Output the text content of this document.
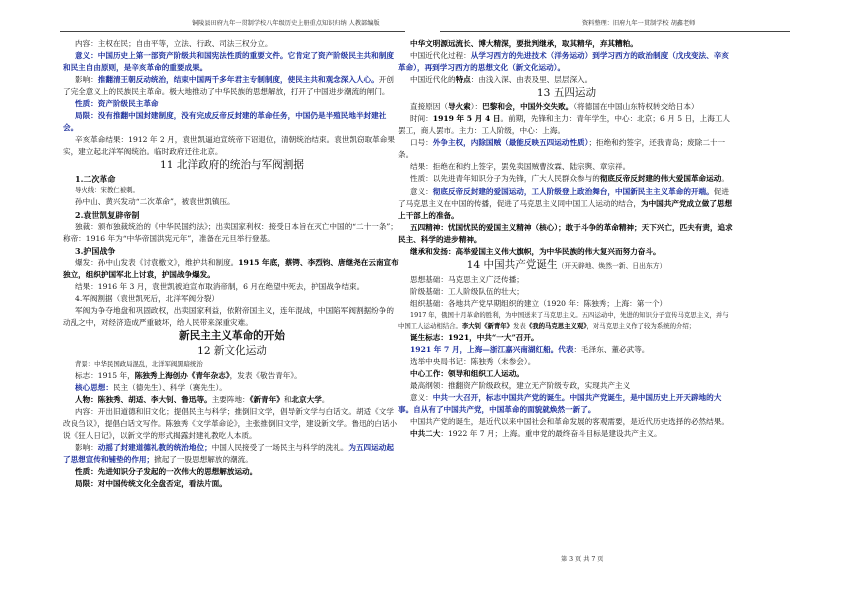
铜陵县田府九年一贯制学校八年级历史上册重点知识归纳 人教部编版	资料整理：旧府九年一贯制学校 胡鑫老师

内容：主权在民；自由平等，立法、行政、司法三权分立。

意义：中国历史上第一部资产阶级共和国宪法性质的重要文件。它肯定了资产阶级民主共和制度和民主自由原则，是辛亥革命的重要成果。

影响：推翻清王朝反动统治，结束中国两千多年君主专制制度，使民主共和观念深入人心。开创了完全意义上的民族民主革命。极大地推动了中华民族的思想解放，打开了中国进步潮流的闸门。

性质：资产阶级民主革命

局限：没有推翻中国封建制度，没有完成反帝反封建的革命任务，中国仍是半殖民地半封建社会。

辛亥革命结果：1912 年 2 月，袁世凯逼迫宣统帝下诏退位，清朝统治结束。袁世凯窃取革命果实，建立起北洋军阀统治。临时政府迁往北京。

11 北洋政府的统治与军阀割据
1.二次革命

导火线：宋教仁被刺。

孙中山、黄兴发动“二次革命”，被袁世凯镇压。

2.袁世凯复辟帝制

独裁：颁布独裁统治的《中华民国约法》；出卖国家利权：接受日本旨在灭亡中国的“二十一条”；称帝：1916 年为“中华帝国洪宪元年”，准备在元旦举行登基。

3.护国战争

爆发：孙中山发表《讨袁檄文》，维护共和制度。1915 年底，蔡锷、李烈钧、唐继尧在云南宣布独立，组织护国军北上讨袁，护国战争爆发。

结果：1916 年 3 月，袁世凯被迫宣布取消帝制，6 月在绝望中死去，护国战争结束。

4.军阀割据（袁世凯死后，北洋军阀分裂）

军阀为争夺地盘和巩固政权，出卖国家利益，依附帝国主义，连年混战，中国陷军阀割据纷争的动乱之中，对经济造成严重破坏，给人民带来深重灾难。

新民主主义革命的开始
12 新文化运动

背景：中华民国政局混乱，北洋军阀黑暗统治

标志：1915 年，陈独秀上海创办《青年杂志》，发表《敬告青年》。

核心思想：民主（德先生）、科学（赛先生）。

人物：陈独秀、胡适、李大钊、鲁迅等。主要阵地：《新青年》和北京大学。

内容：开出旧道德和旧文化；提倡民主与科学；推倒旧文学，倡导新文学与白话文。胡适《文学改良刍议》，提倡白话文写作。陈独秀《文学革命论》，主张推倒旧文学，建设新文学。鲁迅的白话小说《狂人日记》，以新文学的形式揭露封建礼教吃人本质。

影响：动摇了封建道德礼教的统治地位；中国人民接受了一场民主与科学的洗礼。为五四运动起了思想宣传和铺垫的作用；掀起了一股思想解放的潮流。

性质：先进知识分子发起的一次伟大的思想解放运动。

局限：对中国传统文化全盘否定，看法片面。

中华文明源远流长、博大精深，要批判继承，取其精华，弃其糟粕。

中国近代化过程：从学习西方的先进技术（洋务运动）到学习西方的政治制度（戊戌变法、辛亥革命），再到学习西方的思想文化（新文化运动）。

中国近代化的特点：由浅入深、由表及里、层层深入。

13 五四运动

直接原因（导火索）：巴黎和会，中国外交失败。（将德国在中国山东特权转交给日本）

时间：1919 年 5 月 4 日。前期，先锋和主力：青年学生，中心：北京；6 月 5 日，上海工人罢工，商人罢市。主力：工人阶级，中心：上海。

口号：外争主权，内除国贼（最能反映五四运动性质）；拒绝和约签字，还我青岛；废除二十一条。

结果：拒绝在和约上签字，罢免卖国贼曹汝霖、陆宗舆、章宗祥。

性质：以先进青年知识分子为先锋，广大人民群众参与的彻底反帝反封建的伟大爱国革命运动。

意义：彻底反帝反封建的爱国运动，工人阶级登上政治舞台，中国新民主主义革命的开端。促进了马克思主义在中国的传播，促进了马克思主义同中国工人运动的结合，为中国共产党成立做了思想上干部上的准备。

五四精神：忧国忧民的爱国主义精神（核心）；敢于斗争的革命精神；天下兴亡，匹夫有责，追求民主、科学的进步精神。

继承和发扬：高举爱国主义伟大旗帜，为中华民族的伟大复兴而努力奋斗。

14 中国共产党诞生（开天辟地、焕然一新、日出东方）

思想基础：马克思主义广泛传播；

阶级基础：工人阶级队伍的壮大；

组织基础：各地共产党早期组织的建立（1920 年：陈独秀；上海：第一个）

1917 年，俄国十月革命的胜利，为中国送来了马克思主义。五四运动中，先进的知识分子宣传马克思主义，并与中国工人运动相结合。李大钊《新青年》发表《我的马克思主义观》，对马克思主义作了较为系统的介绍；

诞生标志：1921，中共“一大”召开。

1921 年 7 月，上海—浙江嘉兴南湖红船。代表：毛泽东、董必武等。

选举中央局书记：陈独秀（未参会）。

中心工作：领导和组织工人运动。

最高纲领：推翻资产阶级政权，建立无产阶级专政，实现共产主义

意义：中共一大召开，标志中国共产党的诞生。中国共产党诞生，是中国历史上开天辟地的大事。自从有了中国共产党，中国革命的面貌就焕然一新了。

中国共产党的诞生，是近代以来中国社会和革命发展的客观需要，是近代历史选择的必然结果。

中共二大：1922 年 7 月；上海。重申党的最终奋斗目标是建设共产主义。

第 3 页 共 7 页
